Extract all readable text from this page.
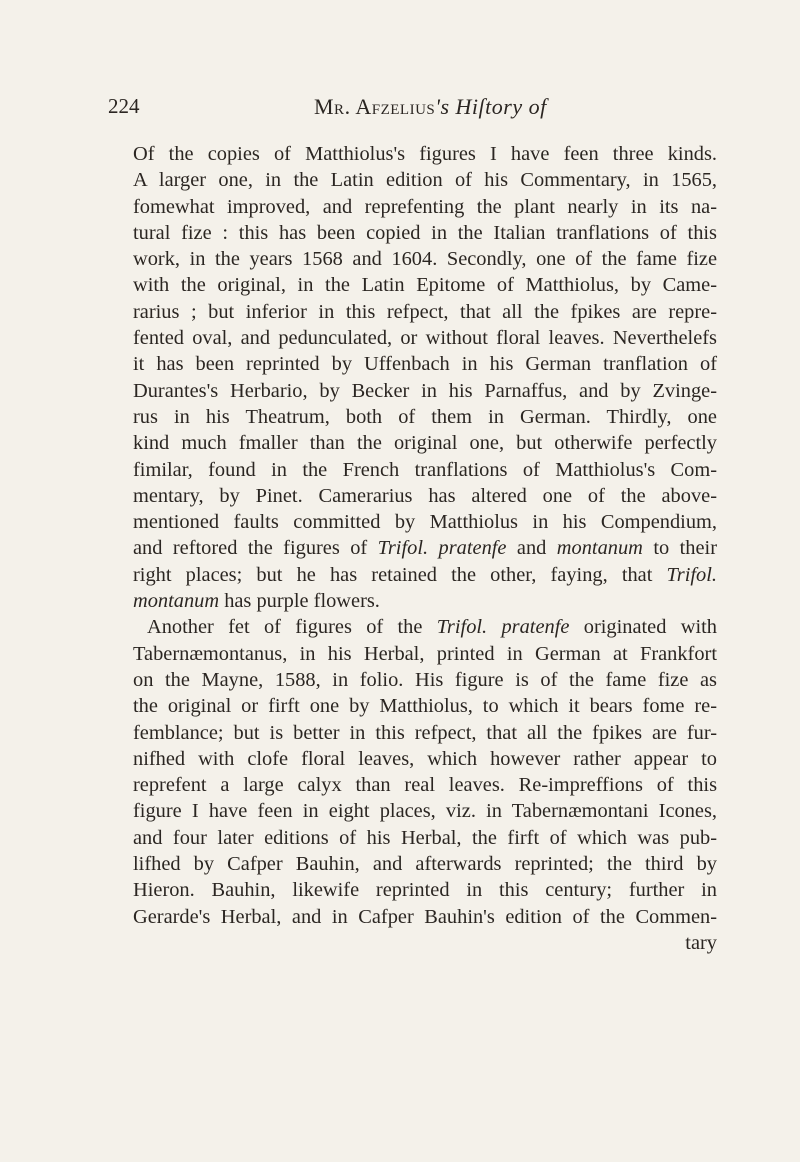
224	Mr. Afzelius's Hiſtory of
Of the copies of Matthiolus's figures I have feen three kinds.
A larger one, in the Latin edition of his Commentary, in 1565,
fomewhat improved, and reprefenting the plant nearly in its na-
tural fize : this has been copied in the Italian tranflations of this
work, in the years 1568 and 1604. Secondly, one of the fame fize
with the original, in the Latin Epitome of Matthiolus, by Came-
rarius ; but inferior in this refpect, that all the fpikes are repre-
fented oval, and pedunculated, or without floral leaves. Neverthelefs
it has been reprinted by Uffenbach in his German tranflation of
Durantes's Herbario, by Becker in his Parnaffus, and by Zvinge-
rus in his Theatrum, both of them in German. Thirdly, one
kind much fmaller than the original one, but otherwife perfectly
fimilar, found in the French tranflations of Matthiolus's Com-
mentary, by Pinet. Camerarius has altered one of the above-
mentioned faults committed by Matthiolus in his Compendium,
and reftored the figures of Trifol. pratenfe and montanum to their
right places; but he has retained the other, faying, that Trifol.
montanum has purple flowers.
Another fet of figures of the Trifol. pratenfe originated with
Tabernæmontanus, in his Herbal, printed in German at Frankfort
on the Mayne, 1588, in folio. His figure is of the fame fize as
the original or firft one by Matthiolus, to which it bears fome re-
femblance; but is better in this refpect, that all the fpikes are fur-
nifhed with clofe floral leaves, which however rather appear to
reprefent a large calyx than real leaves. Re-impreffions of this
figure I have feen in eight places, viz. in Tabernæmontani Icones,
and four later editions of his Herbal, the firft of which was pub-
lifhed by Cafper Bauhin, and afterwards reprinted; the third by
Hieron. Bauhin, likewife reprinted in this century; further in
Gerarde's Herbal, and in Cafper Bauhin's edition of the Commen-
tary
